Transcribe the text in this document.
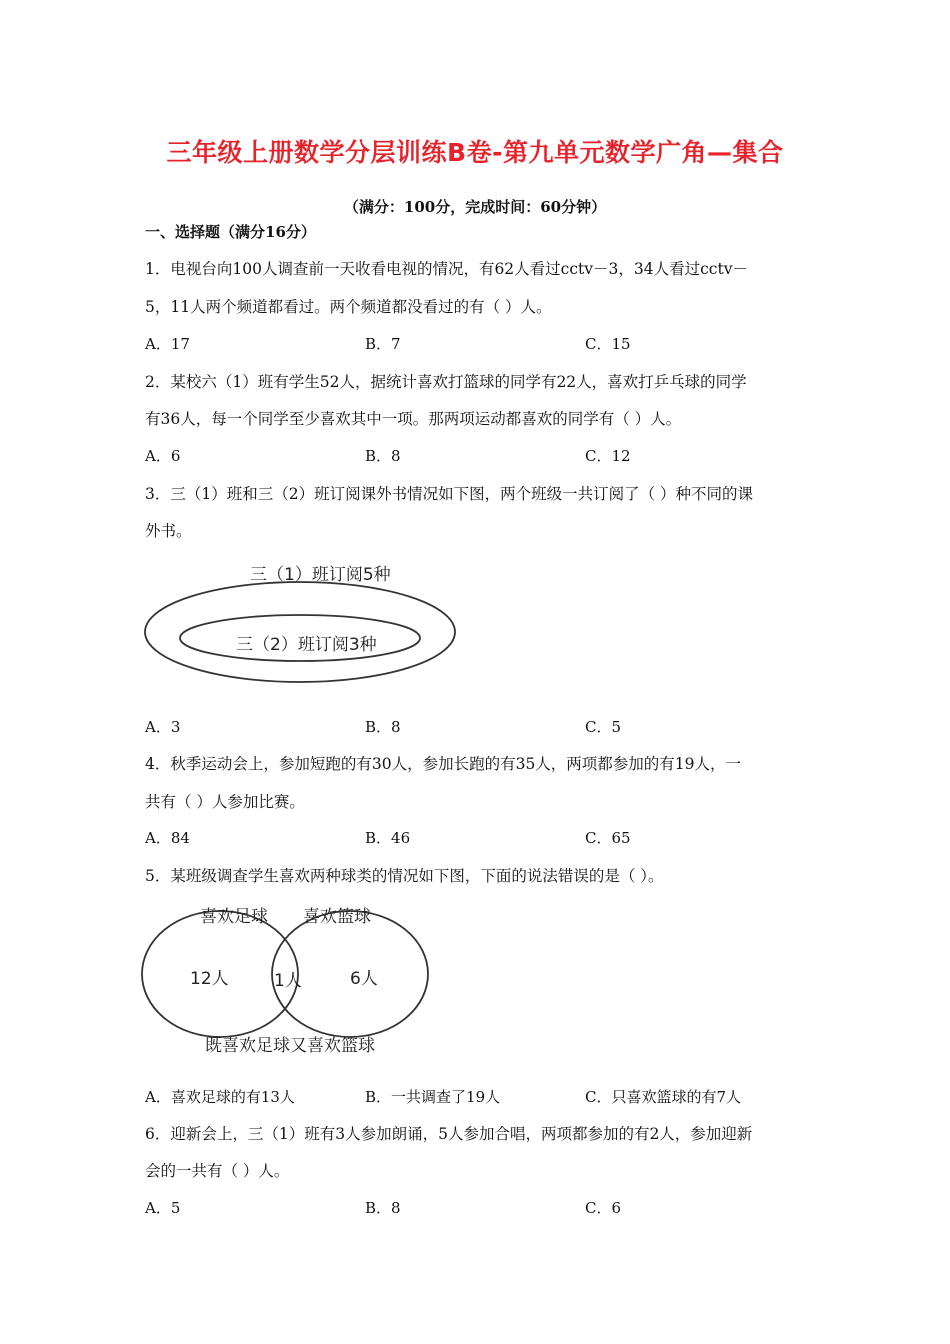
三年级上册数学分层训练B卷-第九单元数学广角—集合
（满分：100分，完成时间：60分钟）
一、选择题（满分16分）
1．电视台向100人调查前一天收看电视的情况，有62人看过cctv－3，34人看过cctv－
5，11人两个频道都看过。两个频道都没看过的有（ ）人。
A．17	B．7	C．15
2．某校六（1）班有学生52人，据统计喜欢打篮球的同学有22人，喜欢打乒乓球的同学
有36人，每一个同学至少喜欢其中一项。那两项运动都喜欢的同学有（ ）人。
A．6	B．8	C．12
3．三（1）班和三（2）班订阅课外书情况如下图，两个班级一共订阅了（ ）种不同的课
外书。
三（1）班订阅5种
三（2）班订阅3种
A．3	B．8	C．5
4．秋季运动会上，参加短跑的有30人，参加长跑的有35人，两项都参加的有19人，一
共有（ ）人参加比赛。
A．84	B．46	C．65
5．某班级调查学生喜欢两种球类的情况如下图，下面的说法错误的是（ ）。
喜欢足球 喜欢篮球
12人	1人	6人
既喜欢足球又喜欢篮球
A．喜欢足球的有13人	B．一共调查了19人	C．只喜欢篮球的有7人
6．迎新会上，三（1）班有3人参加朗诵，5人参加合唱，两项都参加的有2人，参加迎新
会的一共有（ ）人。
A．5	B．8	C．6
